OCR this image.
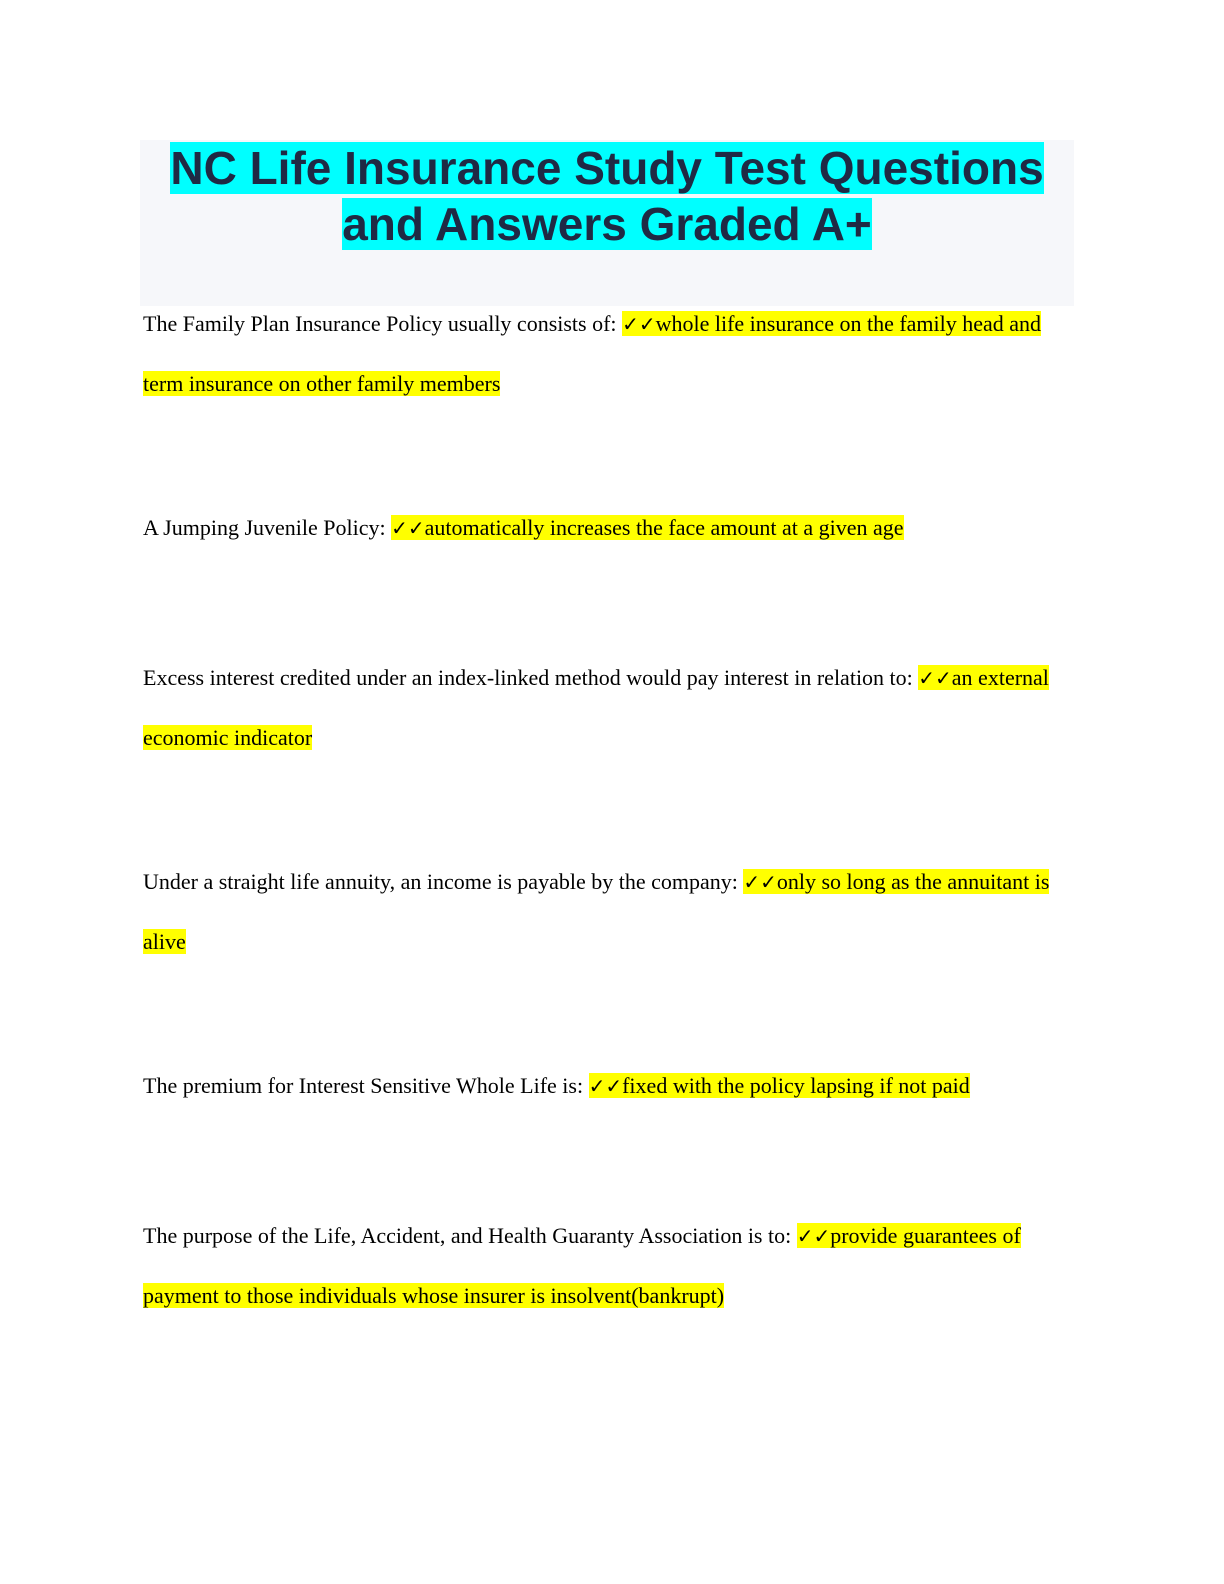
NC Life Insurance Study Test Questions and Answers Graded A+

The Family Plan Insurance Policy usually consists of: ✓✓whole life insurance on the family head and term insurance on other family members

A Jumping Juvenile Policy: ✓✓automatically increases the face amount at a given age

Excess interest credited under an index-linked method would pay interest in relation to: ✓✓an external economic indicator

Under a straight life annuity, an income is payable by the company: ✓✓only so long as the annuitant is alive

The premium for Interest Sensitive Whole Life is: ✓✓fixed with the policy lapsing if not paid

The purpose of the Life, Accident, and Health Guaranty Association is to: ✓✓provide guarantees of payment to those individuals whose insurer is insolvent(bankrupt)
